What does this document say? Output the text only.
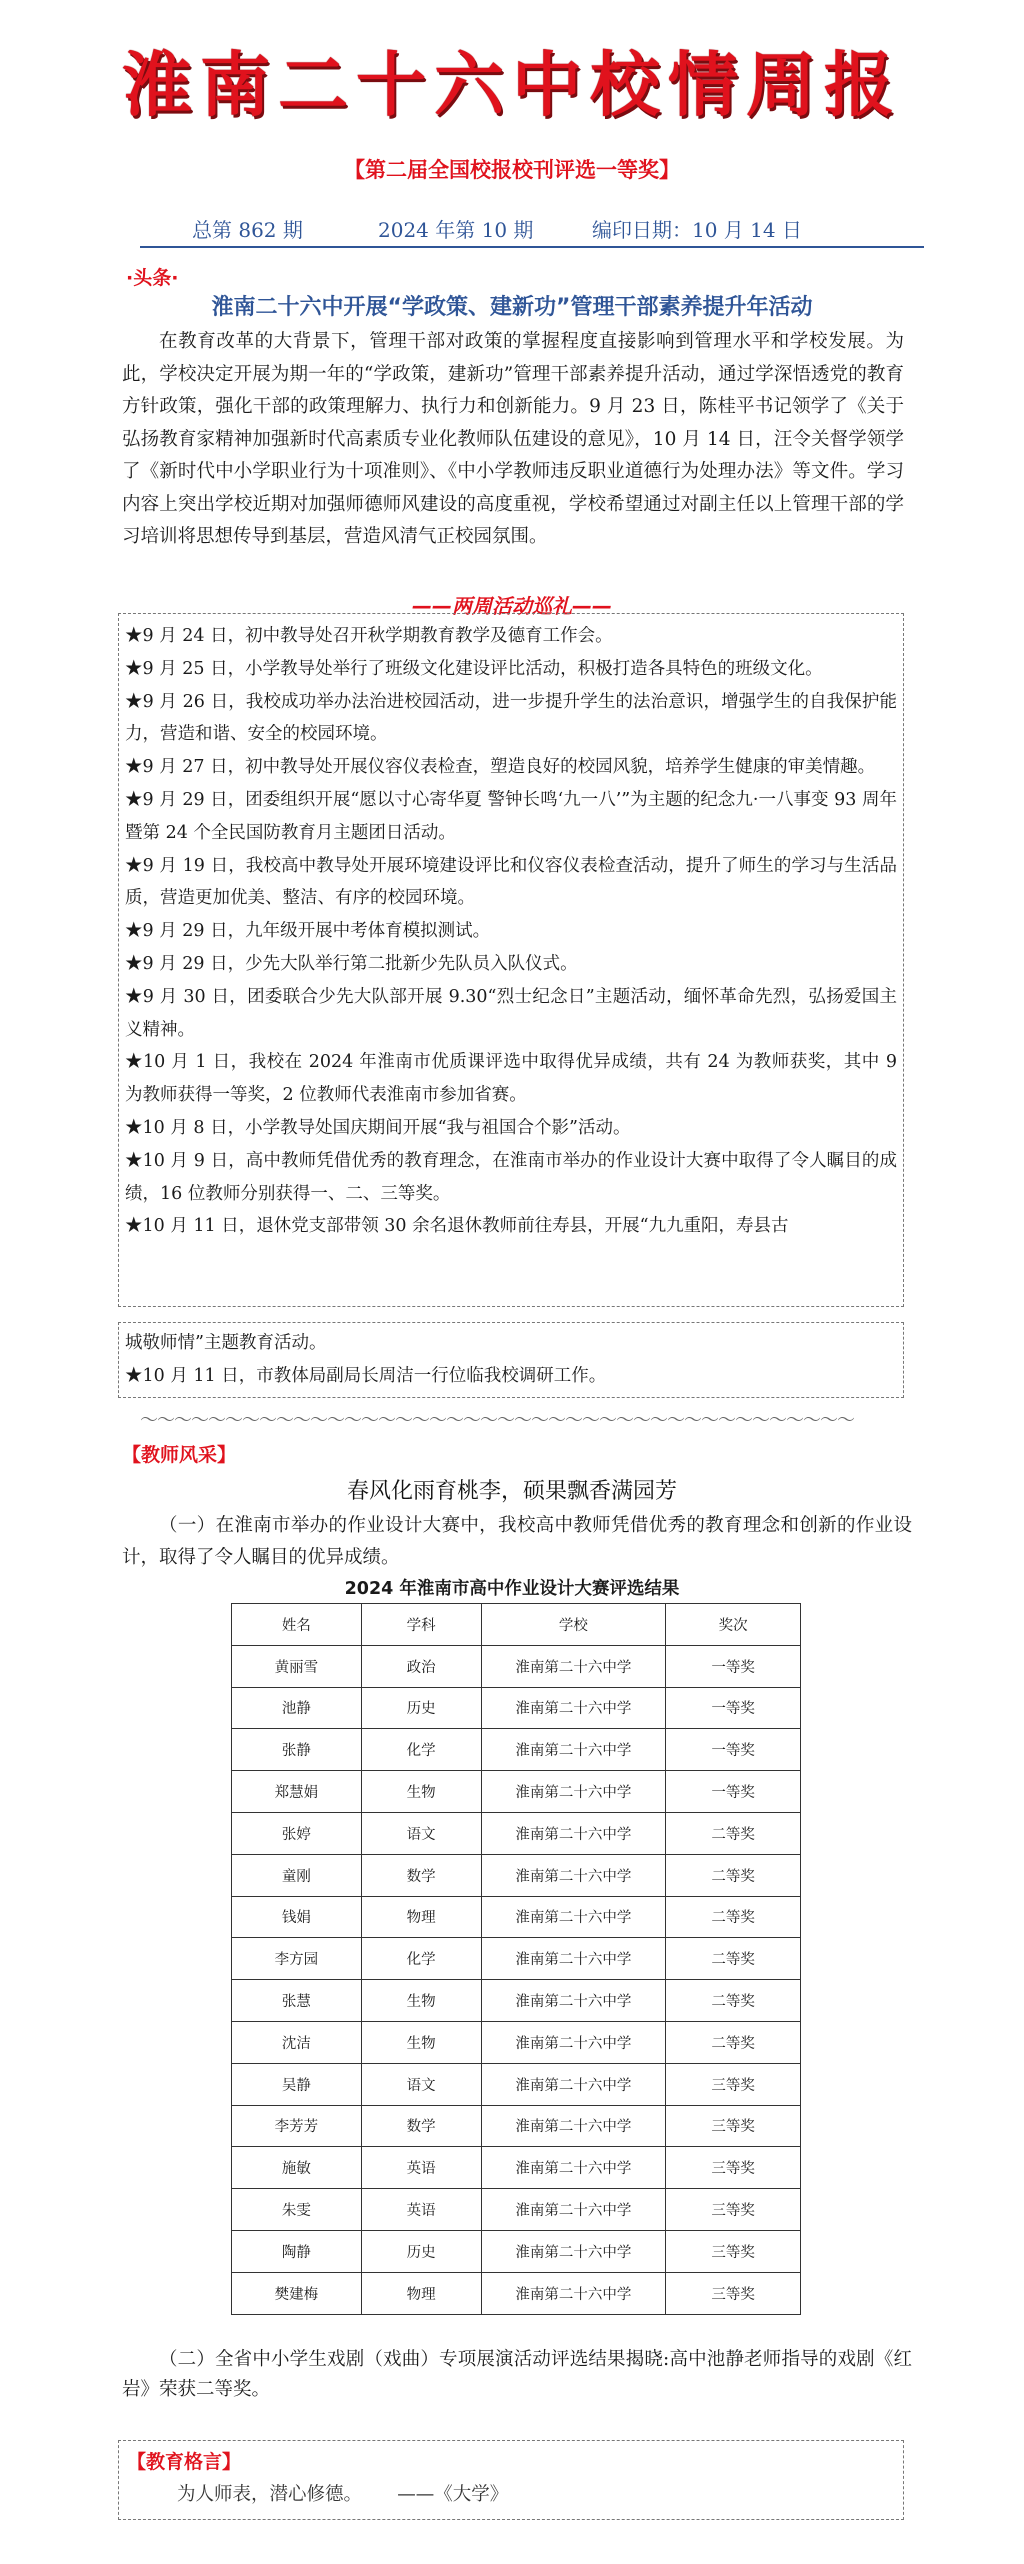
淮南二十六中校情周报
【第二届全国校报校刊评选一等奖】
总第 862 期	2024 年第 10 期	编印日期：10 月 14 日
·头条·
淮南二十六中开展“学政策、建新功”管理干部素养提升年活动

在教育改革的大背景下，管理干部对政策的掌握程度直接影响到管理水平和学校发展。为此，学校决定开展为期一年的“学政策，建新功”管理干部素养提升活动，通过学深悟透党的教育方针政策，强化干部的政策理解力、执行力和创新能力。9 月 23 日，陈桂平书记领学了《关于弘扬教育家精神加强新时代高素质专业化教师队伍建设的意见》，10 月 14 日，汪令关督学领学了《新时代中小学职业行为十项准则》、《中小学教师违反职业道德行为处理办法》等文件。学习内容上突出学校近期对加强师德师风建设的高度重视，学校希望通过对副主任以上管理干部的学习培训将思想传导到基层，营造风清气正校园氛围。

——两周活动巡礼——

★9 月 24 日，初中教导处召开秋学期教育教学及德育工作会。

★9 月 25 日，小学教导处举行了班级文化建设评比活动，积极打造各具特色的班级文化。

★9 月 26 日，我校成功举办法治进校园活动，进一步提升学生的法治意识，增强学生的自我保护能力，营造和谐、安全的校园环境。

★9 月 27 日，初中教导处开展仪容仪表检查，塑造良好的校园风貌，培养学生健康的审美情趣。

★9 月 29 日，团委组织开展“愿以寸心寄华夏 警钟长鸣‘九一八’”为主题的纪念九·一八事变 93 周年暨第 24 个全民国防教育月主题团日活动。

★9 月 19 日，我校高中教导处开展环境建设评比和仪容仪表检查活动，提升了师生的学习与生活品质，营造更加优美、整洁、有序的校园环境。

★9 月 29 日，九年级开展中考体育模拟测试。

★9 月 29 日，少先大队举行第二批新少先队员入队仪式。

★9 月 30 日，团委联合少先大队部开展 9.30“烈士纪念日”主题活动，缅怀革命先烈，弘扬爱国主义精神。

★10 月 1 日，我校在 2024 年淮南市优质课评选中取得优异成绩，共有 24 为教师获奖，其中 9 为教师获得一等奖，2 位教师代表淮南市参加省赛。

★10 月 8 日，小学教导处国庆期间开展“我与祖国合个影”活动。

★10 月 9 日，高中教师凭借优秀的教育理念，在淮南市举办的作业设计大赛中取得了令人瞩目的成绩，16 位教师分别获得一、二、三等奖。

★10 月 11 日，退休党支部带领 30 余名退休教师前往寿县，开展“九九重阳，寿县古

城敬师情”主题教育活动。

★10 月 11 日，市教体局副局长周洁一行位临我校调研工作。

～～～～～～～～～～～～～～～～～～～～～～～～～～～～～～～～～～～～～～～～～～
【教师风采】
春风化雨育桃李，硕果飘香满园芳

（一）在淮南市举办的作业设计大赛中，我校高中教师凭借优秀的教育理念和创新的作业设计，取得了令人瞩目的优异成绩。

2024 年淮南市高中作业设计大赛评选结果
姓名	学科	学校	奖次
黄丽雪	政治	淮南第二十六中学	一等奖
池静	历史	淮南第二十六中学	一等奖
张静	化学	淮南第二十六中学	一等奖
郑慧娟	生物	淮南第二十六中学	一等奖
张婷	语文	淮南第二十六中学	二等奖
童刚	数学	淮南第二十六中学	二等奖
钱娟	物理	淮南第二十六中学	二等奖
李方园	化学	淮南第二十六中学	二等奖
张慧	生物	淮南第二十六中学	二等奖
沈洁	生物	淮南第二十六中学	二等奖
吴静	语文	淮南第二十六中学	三等奖
李芳芳	数学	淮南第二十六中学	三等奖
施敏	英语	淮南第二十六中学	三等奖
朱雯	英语	淮南第二十六中学	三等奖
陶静	历史	淮南第二十六中学	三等奖
樊建梅	物理	淮南第二十六中学	三等奖

（二）全省中小学生戏剧（戏曲）专项展演活动评选结果揭晓:高中池静老师指导的戏剧《红岩》荣获二等奖。

【教育格言】
为人师表，潜心修德。      ——《大学》
